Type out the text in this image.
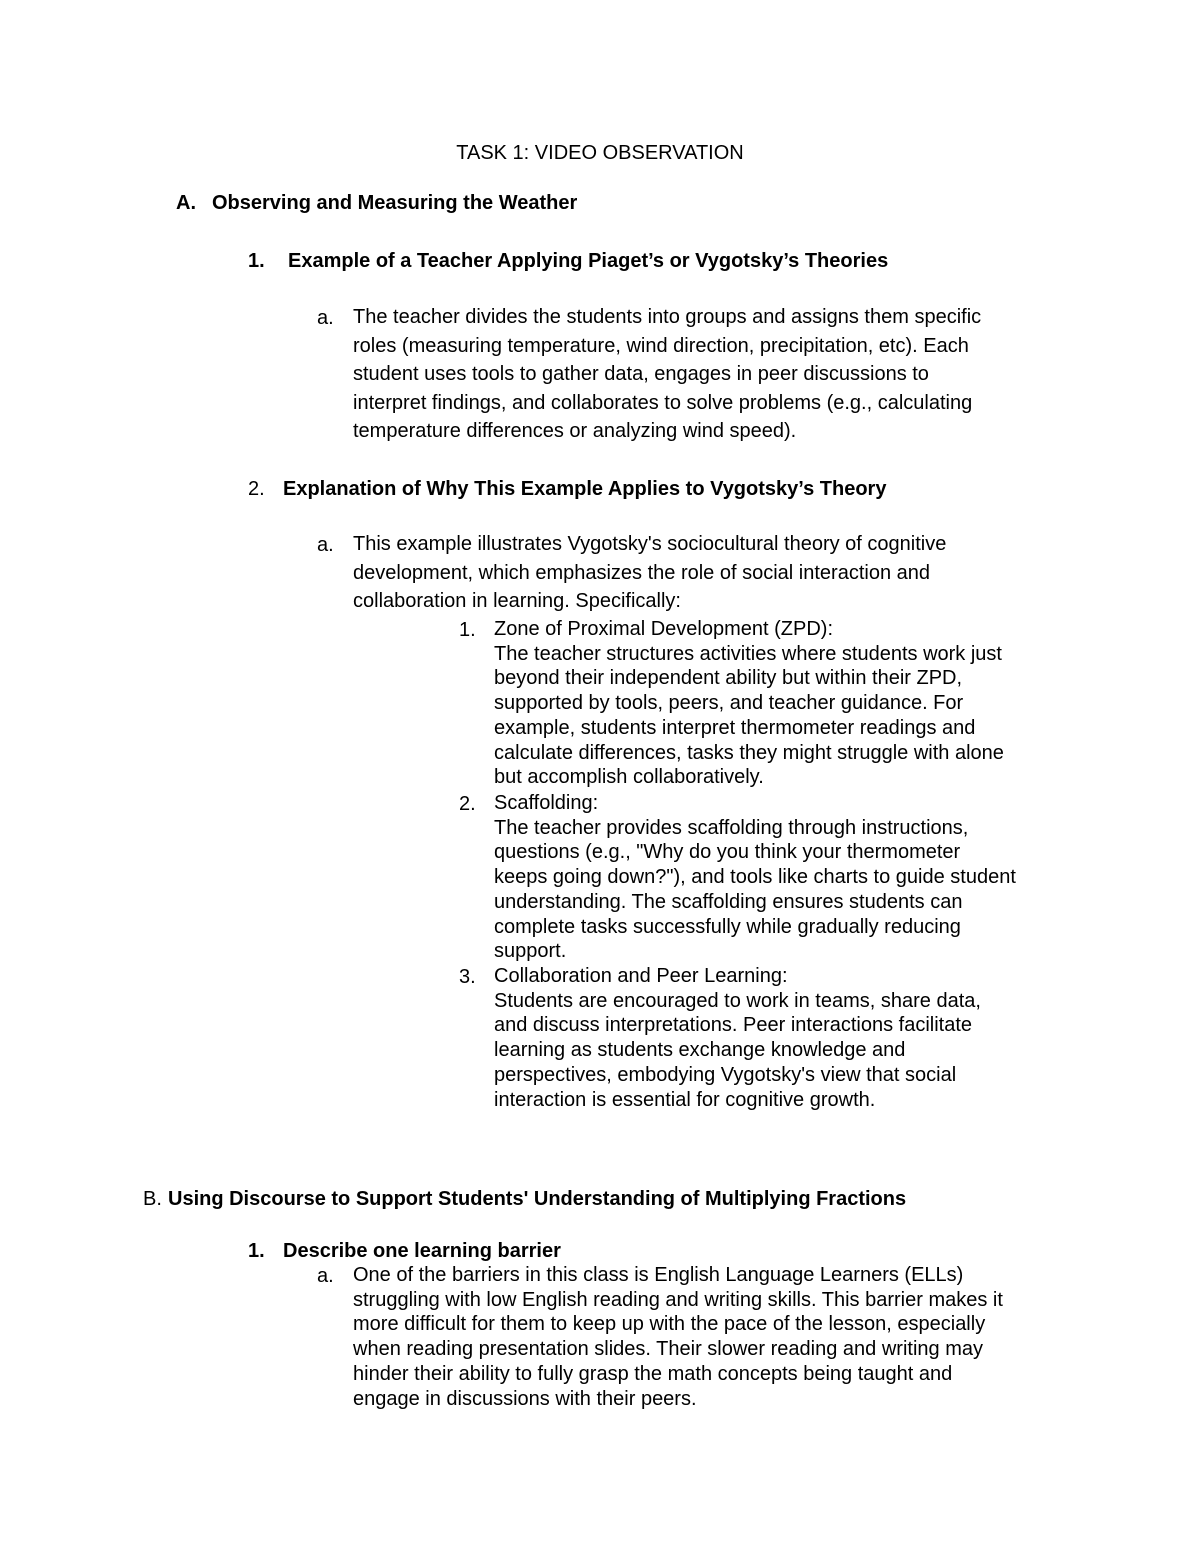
TASK 1: VIDEO OBSERVATION
A. Observing and Measuring the Weather
1. Example of a Teacher Applying Piaget’s or Vygotsky’s Theories
a. The teacher divides the students into groups and assigns them specific
roles (measuring temperature, wind direction, precipitation, etc). Each
student uses tools to gather data, engages in peer discussions to
interpret findings, and collaborates to solve problems (e.g., calculating
temperature differences or analyzing wind speed).
2. Explanation of Why This Example Applies to Vygotsky’s Theory
a. This example illustrates Vygotsky's sociocultural theory of cognitive
development, which emphasizes the role of social interaction and
collaboration in learning. Specifically:
1. Zone of Proximal Development (ZPD):
The teacher structures activities where students work just
beyond their independent ability but within their ZPD,
supported by tools, peers, and teacher guidance. For
example, students interpret thermometer readings and
calculate differences, tasks they might struggle with alone
but accomplish collaboratively.
2. Scaffolding:
The teacher provides scaffolding through instructions,
questions (e.g., "Why do you think your thermometer
keeps going down?"), and tools like charts to guide student
understanding. The scaffolding ensures students can
complete tasks successfully while gradually reducing
support.
3. Collaboration and Peer Learning:
Students are encouraged to work in teams, share data,
and discuss interpretations. Peer interactions facilitate
learning as students exchange knowledge and
perspectives, embodying Vygotsky's view that social
interaction is essential for cognitive growth.
B. Using Discourse to Support Students' Understanding of Multiplying Fractions
1. Describe one learning barrier
a. One of the barriers in this class is English Language Learners (ELLs)
struggling with low English reading and writing skills. This barrier makes it
more difficult for them to keep up with the pace of the lesson, especially
when reading presentation slides. Their slower reading and writing may
hinder their ability to fully grasp the math concepts being taught and
engage in discussions with their peers.
